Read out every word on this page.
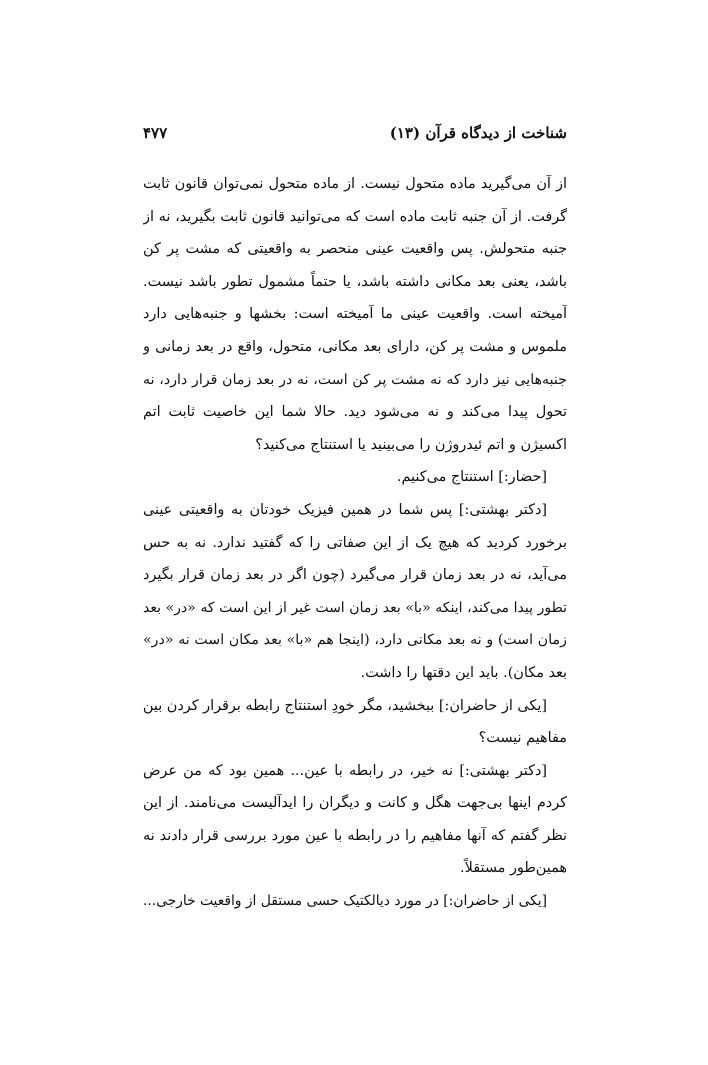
شناخت از دیدگاه قرآن (۱۳)
۴۷۷
از آن می‌گیرید ماده متحول نیست. از ماده متحول نمی‌توان قانون ثابت
گرفت. از آن جنبه ثابت ماده است که می‌توانید قانون ثابت بگیرید، نه از
جنبه متحولش. پس واقعیت عینی منحصر به واقعیتی که مشت پر کن
باشد، یعنی بعد مکانی داشته باشد، یا حتماً مشمول تطور باشد نیست.
آمیخته است. واقعیت عینی ما آمیخته است: بخشها و جنبه‌هایی دارد
ملموس و مشت پر کن، دارای بعد مکانی، متحول، واقع در بعد زمانی و
جنبه‌هایی نیز دارد که نه مشت پر کن است، نه در بعد زمان قرار دارد، نه
تحول پیدا می‌کند و نه می‌شود دید. حالا شما این خاصیت ثابت اتم
اکسیژن و اتم ئیدروژن را می‌بینید یا استنتاج می‌کنید؟
[حضار:] استنتاج می‌کنیم.
[دکتر بهشتی:] پس شما در همین فیزیک خودتان به واقعیتی عینی
برخورد کردید که هیچ یک از این صفاتی را که گفتید ندارد. نه به حس
می‌آید، نه در بعد زمان قرار می‌گیرد (چون اگر در بعد زمان قرار بگیرد
تطور پیدا می‌کند، اینکه «با» بعد زمان است غیر از این است که «در» بعد
زمان است) و نه بعد مکانی دارد، (اینجا هم «با» بعد مکان است نه «در»
بعد مکان). باید این دقتها را داشت.
[یکی از حاضران:] ببخشید، مگر خودِ استنتاج رابطه برقرار کردن بین
مفاهیم نیست؟
[دکتر بهشتی:] نه خیر، در رابطه با عین... همین بود که من عرض
کردم اینها بی‌جهت هگل و کانت و دیگران را ایدآلیست می‌نامند. از این
نظر گفتم که آنها مفاهیم را در رابطه با عین مورد بررسی قرار دادند نه
همین‌طور مستقلاً.
[یکی از حاضران:] در مورد دیالکتیک حسی مستقل از واقعیت خارجی...
